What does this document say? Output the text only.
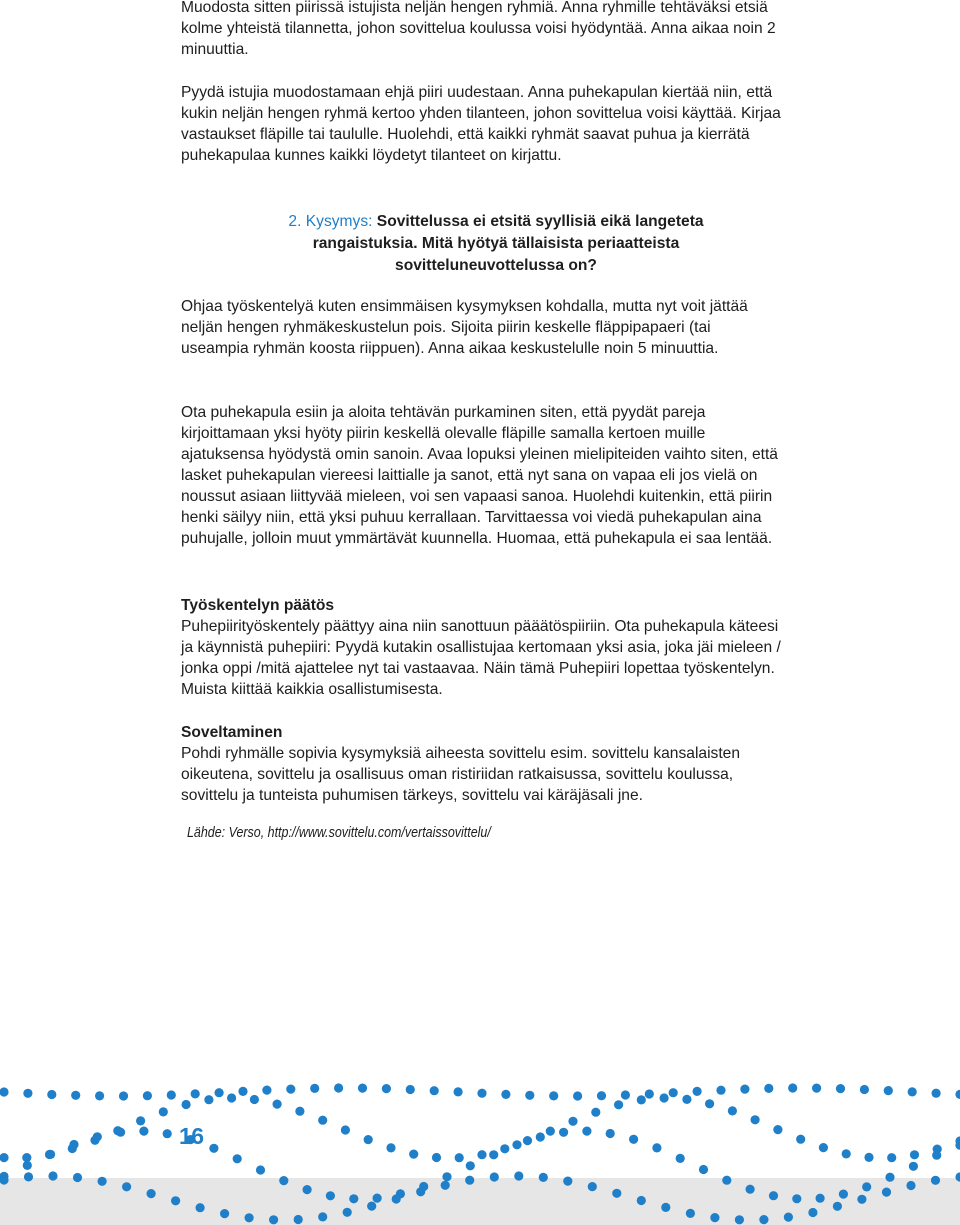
Muodosta sitten piirissä istujista neljän hengen ryhmiä. Anna ryhmille tehtäväksi etsiä kolme yhteistä tilannetta, johon sovittelua koulussa voisi hyödyntää. Anna aikaa noin 2 minuuttia.

Pyydä istujia muodostamaan ehjä piiri uudestaan. Anna puhekapulan kiertää niin, että kukin neljän hengen ryhmä kertoo yhden tilanteen, johon sovittelua voisi käyttää. Kirjaa vastaukset fläpille tai taululle. Huolehdi, että kaikki ryhmät saavat puhua ja kierrätä puhekapulaa kunnes kaikki löydetyt tilanteet on kirjattu.

2. Kysymys: Sovittelussa ei etsitä syyllisiä eikä langeteta rangaistuksia. Mitä hyötyä tällaisista periaatteista sovitteluneuvottelussa on?

Ohjaa työskentelyä kuten ensimmäisen kysymyksen kohdalla, mutta nyt voit jättää neljän hengen ryhmäkeskustelun pois. Sijoita piirin keskelle fläppipapaeri (tai useampia ryhmän koosta riippuen). Anna aikaa keskustelulle noin 5 minuuttia.

Ota puhekapula esiin ja aloita tehtävän purkaminen siten, että pyydät pareja kirjoittamaan yksi hyöty piirin keskellä olevalle fläpille samalla kertoen muille ajatuksensa hyödystä omin sanoin. Avaa lopuksi yleinen mielipiteiden vaihto siten, että lasket puhekapulan viereesi laittialle ja sanot, että nyt sana on vapaa eli jos vielä on noussut asiaan liittyvää mieleen, voi sen vapaasi sanoa. Huolehdi kuitenkin, että piirin henki säilyy niin, että yksi puhuu kerrallaan. Tarvittaessa voi viedä puhekapulan aina puhujalle, jolloin muut ymmärtävät kuunnella. Huomaa, että puhekapula ei saa lentää.

Työskentelyn päätös

Puhepiirityöskentely päättyy aina niin sanottuun pääätöspiiriin. Ota puhekapula käteesi ja käynnistä puhepiiri: Pyydä kutakin osallistujaa kertomaan yksi asia, joka jäi mieleen / jonka oppi /mitä ajattelee nyt tai vastaavaa. Näin tämä Puhepiiri lopettaa työskentelyn. Muista kiittää kaikkia osallistumisesta.

Soveltaminen

Pohdi ryhmälle sopivia kysymyksiä aiheesta sovittelu esim. sovittelu kansalaisten oikeutena, sovittelu ja osallisuus oman ristiriidan ratkaisussa, sovittelu koulussa, sovittelu ja tunteista puhumisen tärkeys, sovittelu vai käräjäsali jne.

Lähde: Verso, http://www.sovittelu.com/vertaissovittelu/
16
